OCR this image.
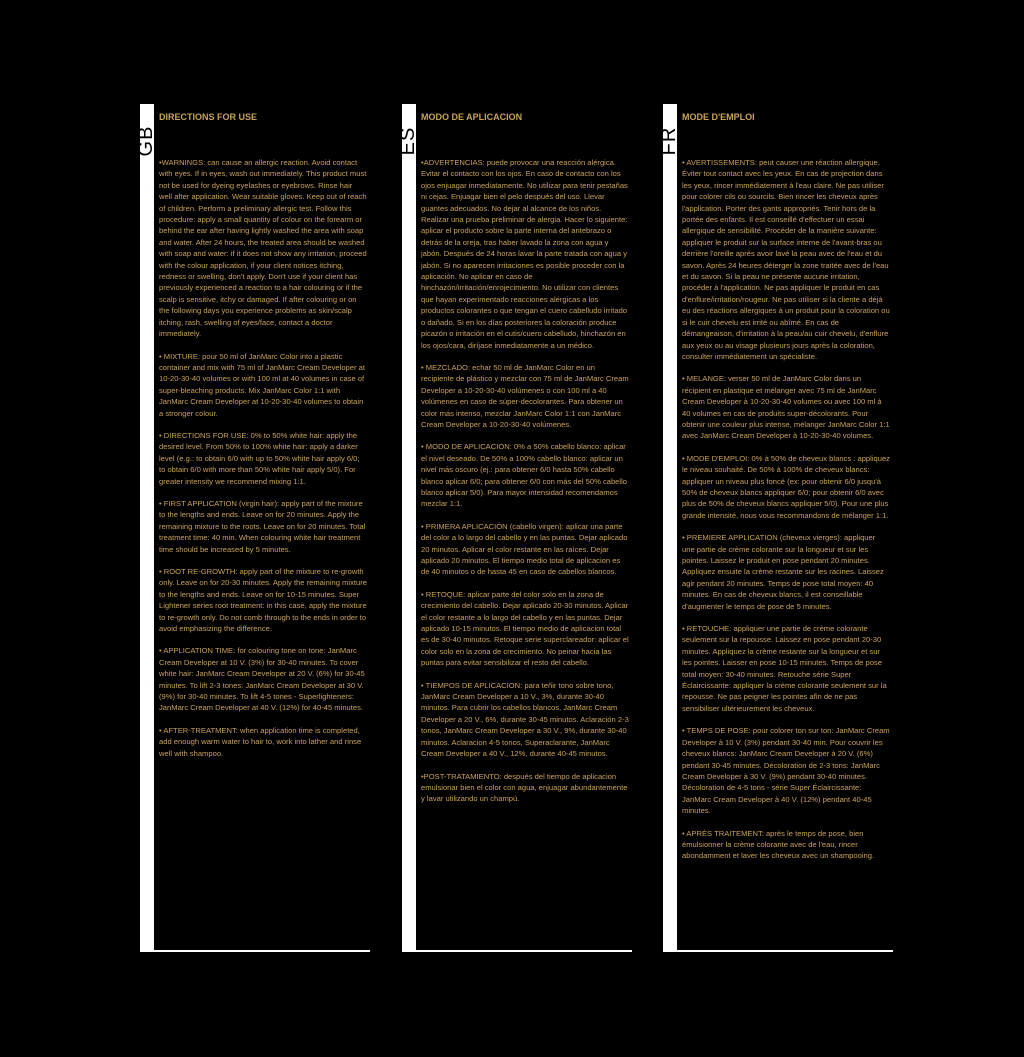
GB
DIRECTIONS FOR USE

•WARNINGS: can cause an allergic reaction. Avoid contact with eyes. If in eyes, wash out immediately. This product must not be used for dyeing eyelashes or eyebrows. Rinse hair well after application. Wear suitable gloves. Keep out of reach of children. Perform a preliminary allergic test. Follow this procedure: apply a small quantity of colour on the forearm or behind the ear after having lightly washed the area with soap and water. After 24 hours, the treated area should be washed with soap and water: if it does not show any irritation, proceed with the colour application, if your client notices itching, redness or swelling, don't apply. Don't use if your client has previously experienced a reaction to a hair colouring or if the scalp is sensitive, itchy or damaged. If after colouring or on the following days you experience problems as skin/scalp itching, rash, swelling of eyes/face, contact a doctor immediately.

• MIXTURE: pour 50 ml of JanMarc Color into a plastic container and mix with 75 ml of JanMarc Cream Developer at 10-20-30-40 volumes or with 100 ml at 40 volumes in case of super-bleaching products. Mix JanMarc Color 1:1 with JanMarc Cream Developer at 10-20-30-40 volumes to obtain a stronger colour.

• DIRECTIONS FOR USE: 0% to 50% white hair: apply the desired level. From 50% to 100% white hair: apply a darker level (e.g.: to obtain 6/0 with up to 50% white hair apply 6/0; to obtain 6/0 with more than 50% white hair apply 5/0). For greater intensity we recommend mixing 1:1.

• FIRST APPLICATION (virgin hair): apply part of the mixture to the lengths and ends. Leave on for 20 minutes. Apply the remaining mixture to the roots. Leave on for 20 minutes. Total treatment time: 40 min. When colouring white hair treatment time should be increased by 5 minutes.

• ROOT RE-GROWTH: apply part of the mixture to re-growth only. Leave on for 20-30 minutes. Apply the remaining mixture to the lengths and ends. Leave on for 10-15 minutes. Super Lightener series root treatment: in this case, apply the mixture to re-growth only. Do not comb through to the ends in order to avoid emphasizing the difference.

• APPLICATION TIME: for colouring tone on tone: JanMarc Cream Developer at 10 V. (3%) for 30-40 minutes. To cover white hair: JanMarc Cream Developer at 20 V. (6%) for 30-45 minutes. To lift 2-3 tones: JanMarc Cream Developer at 30 V. (9%) for 30-40 minutes. To lift 4-5 tones - Superlighteners: JanMarc Cream Developer at 40 V. (12%) for 40-45 minutes.

• AFTER-TREATMENT: when application time is completed, add enough warm water to hair to, work into lather and rinse well with shampoo.

ES
MODO DE APLICACION

•ADVERTENCIAS: puede provocar una reacción alérgica. Evitar el contacto con los ojos. En caso de contacto con los ojos enjuagar inmediatamente. No utilizar para tenir pestañas ni cejas. Enjuagar bien el pelo después del uso. Llevar guantes adecuados. No dejar al alcance de los niños. Realizar una prueba preliminar de alergia. Hacer lo siguiente: aplicar el producto sobre la parte interna del antebrazo o detrás de la oreja, tras haber lavado la zona con agua y jabón. Después de 24 horas lavar la parte tratada con agua y jabón. Si no aparecen irritaciones es posible proceder con la aplicación. No aplicar en caso de hinchazón/irritación/enrojecimiento. No utilizar con clientes que hayan experimentado reacciones alérgicas a los productos colorantes o que tengan el cuero cabelludo irritado o dañado. Si en los días posteriores la coloración produce picazón o irritación en el cutis/cuero cabelludo, hinchazón en los ojos/cara, diríjase inmediatamente a un médico.

• MEZCLADO: echar 50 ml de JanMarc Color en un recipiente de plástico y mezclar con 75 ml de JanMarc Cream Developer a 10-20-30-40 volúmenes o con 100 ml a 40 volúmenes en caso de súper-decolorantes. Para obtener un color más intenso, mezclar JanMarc Color 1:1 con JanMarc Cream Developer a 10-20-30-40 volúmenes.

• MODO DE APLICACION: 0% a 50% cabello blanco: aplicar el nivel deseado. De 50% a 100% cabello blanco: aplicar un nivel más oscuro (ej.: para obtener 6/0 hasta 50% cabello blanco aplicar 6/0; para obtener 6/0 con más del 50% cabello blanco aplicar 5/0). Para mayor intensidad recomendamos mezclar 1:1.

• PRIMERA APLICACIÓN (cabello virgen): aplicar una parte del color a lo largo del cabello y en las puntas. Dejar aplicado 20 minutos. Aplicar el color restante en las raíces. Dejar aplicado 20 minutos. El tiempo medio total de aplicacion es de 40 minutos o de hasta 45 en caso de cabellos blancos.

• RETOQUE: aplicar parte del color solo en la zona de crecimiento del cabello. Dejar aplicado 20-30 minutos. Aplicar el color restante a lo largo del cabello y en las puntas. Dejar aplicado 10-15 minutos. El tiempo medio de aplicacion total es de 30-40 minutos. Retoque serie superclareador: aplicar el color solo en la zona de crecimiento. No peinar hacia las puntas para evitar sensibilizar el resto del cabello.

• TIEMPOS DE APLICACION: para teñir tono sobre tono, JanMarc Cream Developer a 10 V., 3%, durante 30-40 minutos. Para cubrir los cabellos blancos, JanMarc Cream Developer a 20 V., 6%, durante 30-45 minutos. Aclaración 2-3 tonos, JanMarc Cream Developer a 30 V., 9%, durante 30-40 minutos. Aclaracion 4-5 tonos, Superaclarante, JanMarc Cream Developer a 40 V., 12%, durante 40-45 minutos.

•POST-TRATAMIENTO: después del tiempo de aplicacion emulsionar bien el color con agua, enjuagar abundantemente y lavar utilizando un champú.

FR
MODE D'EMPLOI

• AVERTISSEMENTS: peut causer une réaction allergique. Éviter tout contact avec les yeux. En cas de projection dans les yeux, rincer immédiatement à l'eau claire. Ne pas utiliser pour colorer cils ou sourcils. Bien rincer les cheveux après l'application. Porter des gants appropriés. Tenir hors de la portée des enfants. Il est conseillé d'effectuer un essai allergique de sensibilité. Procéder de la manière suivante: appliquer le produit sur la surface interne de l'avant-bras ou derrière l'oreille après avoir lavé la peau avec de l'eau et du savon. Après 24 heures déterger la zone traitée avec de l'eau et du savon. Si la peau ne présente aucune irritation, procéder à l'application. Ne pas appliquer le produit en cas d'enflure/irritation/rougeur. Ne pas utiliser si la cliente a déjà eu des réactions allergiques à un produit pour la coloration ou si le cuir chevelu est irrité ou abîmé. En cas de démangeaison, d'irritation à la peau/au cuir chevelu, d'enflure aux yeux ou au visage plusieurs jours après la coloration, consulter immédiatement un spécialiste.

• MELANGE: verser 50 ml de JanMarc Color dans un récipient en plastique et mélanger avec 75 ml de JanMarc Cream Developer à 10-20-30-40 volumes ou avec 100 ml à 40 volumes en cas de produits super-décolorants. Pour obtenir une couleur plus intense, mélanger JanMarc Color 1:1 avec JanMarc Cream Developer à 10-20-30-40 volumes.

• MODE D'EMPLOI: 0% à 50% de cheveux blancs : appliquez le niveau souhaité. De 50% à 100% de cheveux blancs: appliquer un niveau plus foncé (ex: pour obtenir 6/0 jusqu'à 50% de cheveux blancs appliquer 6/0; pour obtenir 6/0 avec plus de 50% de cheveux blancs appliquer 5/0). Pour une plus grande intensité, nous vous recommandons de mélanger 1:1.

• PREMIERE APPLICATION (cheveux vierges): appliquer une partie de crème colorante sur la longueur et sur les pointes. Laissez le produit en pose pendant 20 minutes. Appliquez ensuite la crème restante sur les racines. Laissez agir pendant 20 minutes. Temps de pose total moyen: 40 minutes. En cas de cheveux blancs, il est conseillable d'augmenter le temps de pose de 5 minutes.

• RETOUCHE: appliquer une partie de crème colorante seulement sur la repousse. Laissez en pose pendant 20-30 minutes. Appliquez la crème restante sur la longueur et sur les pointes. Laisser en pose 10-15 minutes. Temps de pose total moyen: 30-40 minutes. Retouche série Super Éclaircissante: appliquer la crème colorante seulement sur la repousse. Ne pas peigner les pointes afin de ne pas sensibiliser ultérieurement les cheveux.

• TEMPS DE POSE: pour colorer ton sur ton: JanMarc Cream Developer à 10 V. (3%) pendant 30-40 min. Pour couvrir les cheveux blancs: JanMarc Cream Developer à 20 V. (6%) pendant 30-45 minutes. Décoloration de 2-3 tons: JanMarc Cream Developer à 30 V. (9%) pendant 30-40 minutes. Décoloration de 4-5 tons - série Super Éclaircissante: JanMarc Cream Developer à 40 V. (12%) pendant 40-45 minutes.

• APRÈS TRAITEMENT: après le temps de pose, bien émulsionner la crème colorante avec de l'eau, rincer abondamment et laver les cheveux avec un shampooing.
